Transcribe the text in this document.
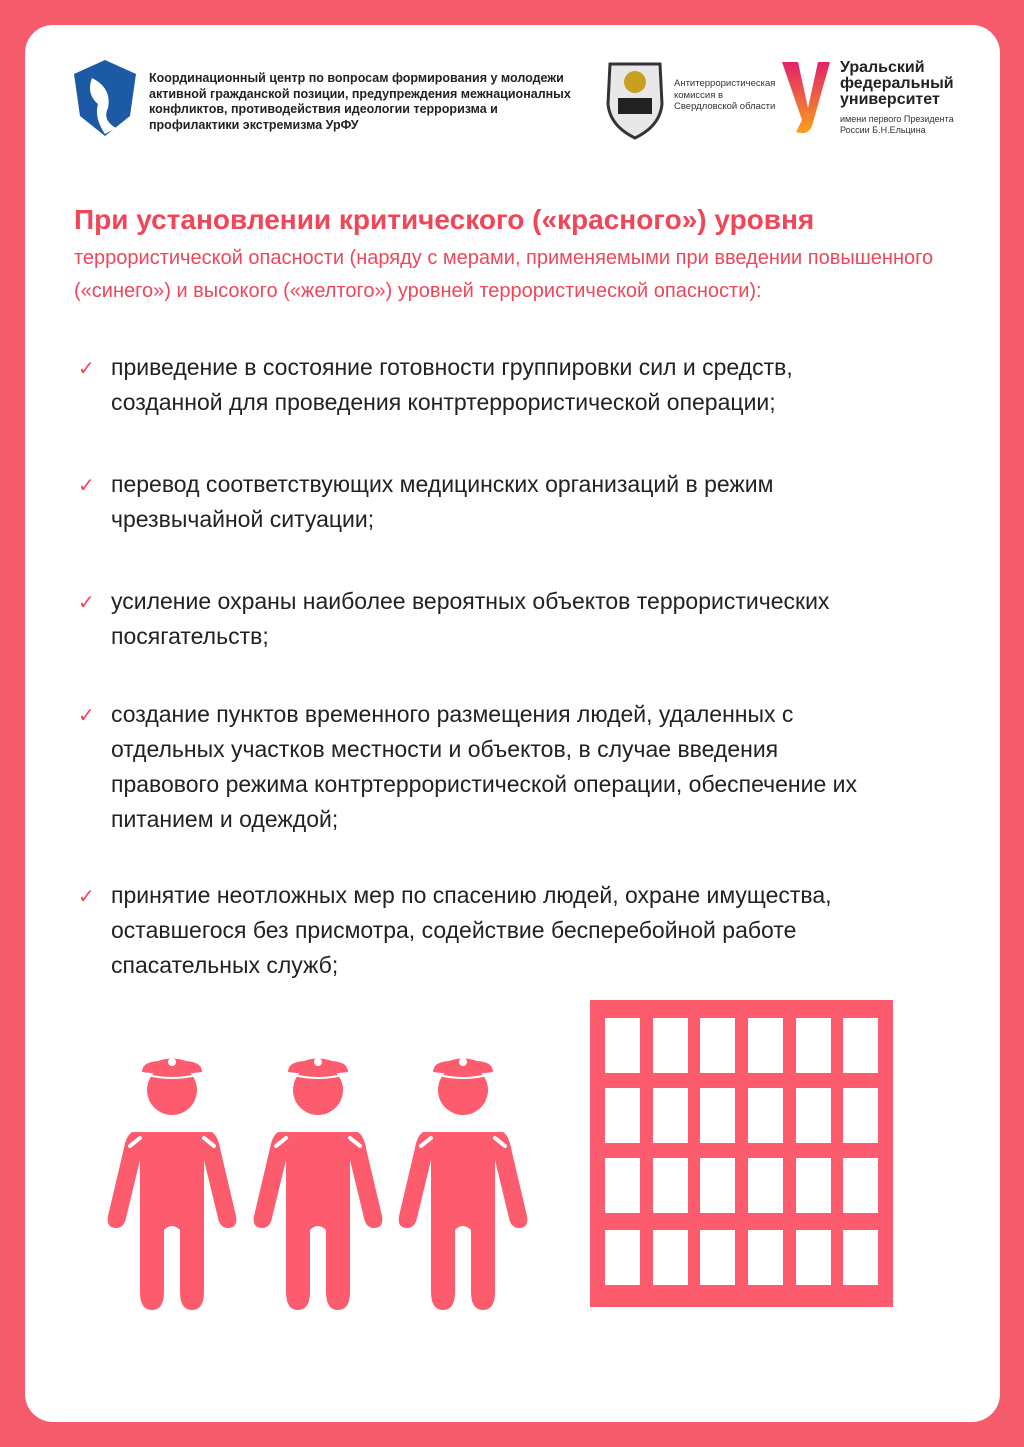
Координационный центр по вопросам формирования у молодежи активной гражданской позиции, предупреждения межнационалных конфликтов, противодействия идеологии терроризма и профилактики экстремизма УрФУ
Антитеррористическая комиссия в Свердловской области
Уральский федеральный университет
имени первого Президента России Б.Н.Ельцина
При установлении критического («красного») уровня
террористической опасности (наряду с мерами, применяемыми при введении повышенного («синего») и высокого («желтого») уровней террористической опасности):
✓ приведение в состояние готовности группировки сил и средств, созданной для проведения контртеррористической операции;
✓ перевод соответствующих медицинских организаций в режим чрезвычайной ситуации;
✓ усиление охраны наиболее вероятных объектов террористических посягательств;
✓ создание пунктов временного размещения людей, удаленных с отдельных участков местности и объектов, в случае введения правового режима контртеррористической операции, обеспечение их питанием и одеждой;
✓ принятие неотложных мер по спасению людей, охране имущества, оставшегося без присмотра, содействие бесперебойной работе спасательных служб;
